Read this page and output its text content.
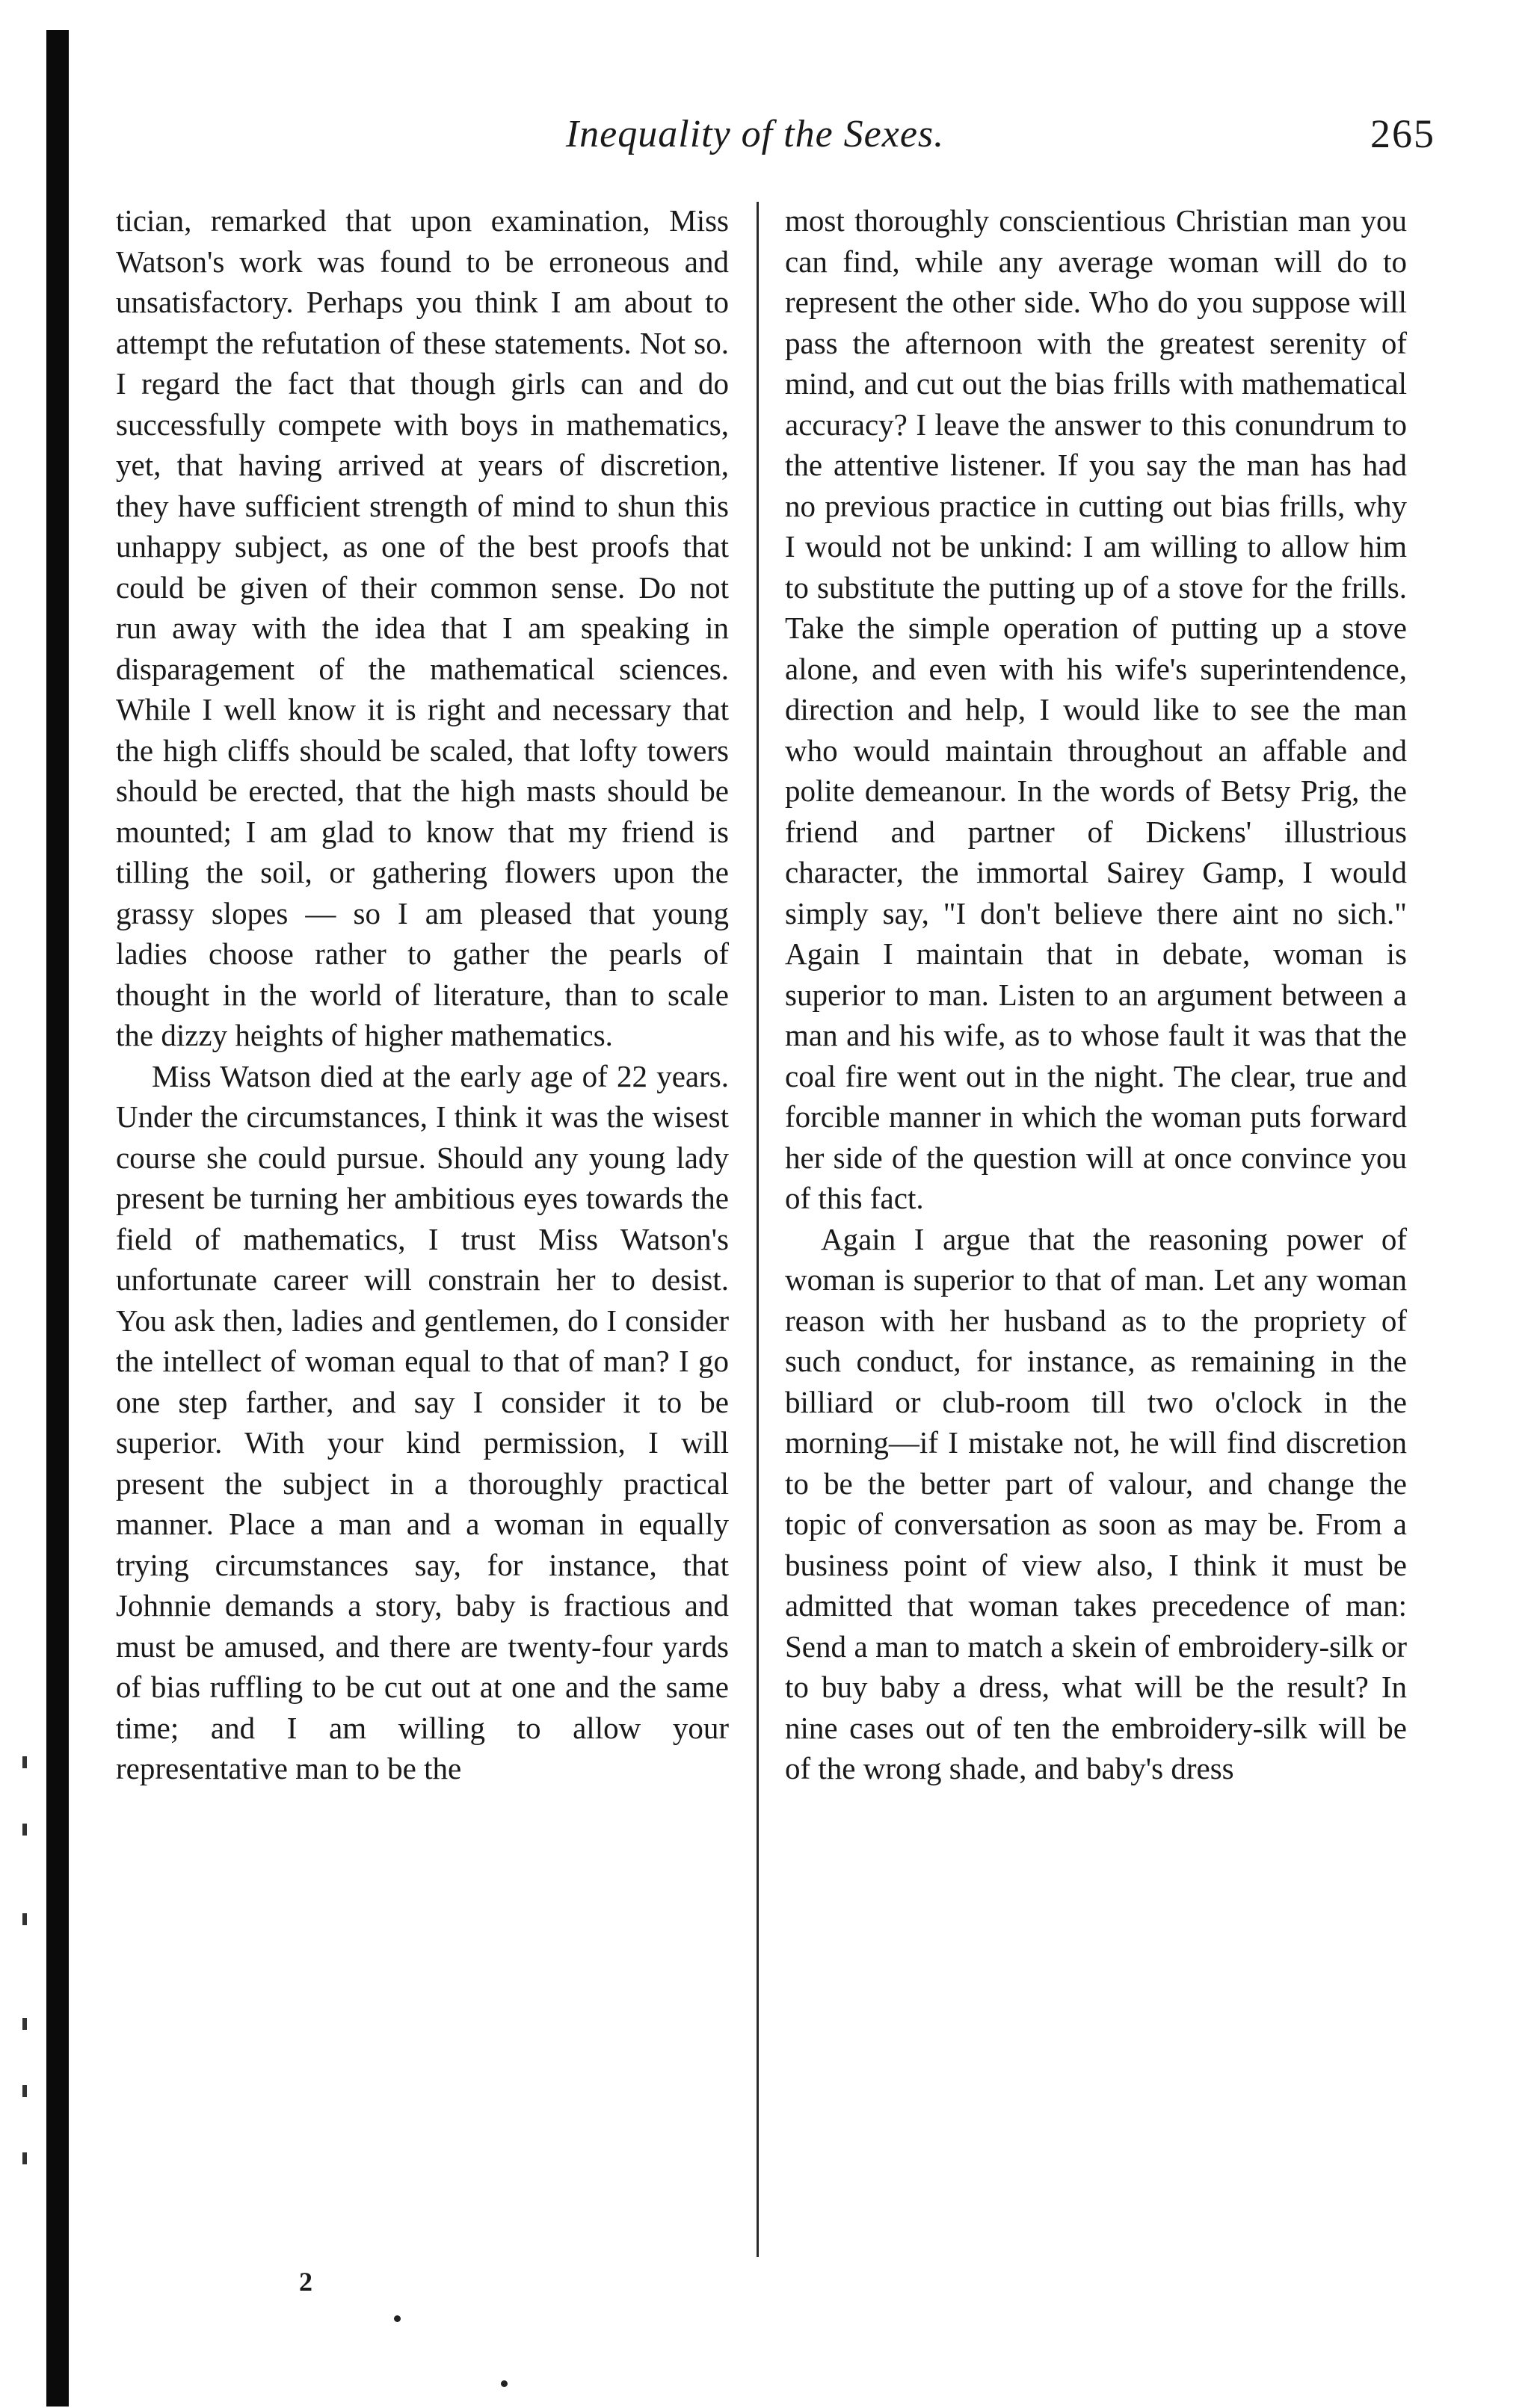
Inequality of the Sexes.	265

tician, remarked that upon examination, Miss Watson's work was found to be erroneous and unsatisfactory. Perhaps you think I am about to attempt the refutation of these statements. Not so. I regard the fact that though girls can and do successfully compete with boys in mathematics, yet, that having arrived at years of discretion, they have sufficient strength of mind to shun this unhappy subject, as one of the best proofs that could be given of their common sense. Do not run away with the idea that I am speaking in disparagement of the mathematical sciences. While I well know it is right and necessary that the high cliffs should be scaled, that lofty towers should be erected, that the high masts should be mounted; I am glad to know that my friend is tilling the soil, or gathering flowers upon the grassy slopes — so I am pleased that young ladies choose rather to gather the pearls of thought in the world of literature, than to scale the dizzy heights of higher mathematics.

Miss Watson died at the early age of 22 years. Under the circumstances, I think it was the wisest course she could pursue. Should any young lady present be turning her ambitious eyes towards the field of mathematics, I trust Miss Watson's unfortunate career will constrain her to desist. You ask then, ladies and gentlemen, do I consider the intellect of woman equal to that of man? I go one step farther, and say I consider it to be superior. With your kind permission, I will present the subject in a thoroughly practical manner. Place a man and a woman in equally trying circumstances say, for instance, that Johnnie demands a story, baby is fractious and must be amused, and there are twenty-four yards of bias ruffling to be cut out at one and the same time; and I am willing to allow your representative man to be the

most thoroughly conscientious Christian man you can find, while any average woman will do to represent the other side. Who do you suppose will pass the afternoon with the greatest serenity of mind, and cut out the bias frills with mathematical accuracy? I leave the answer to this conundrum to the attentive listener. If you say the man has had no previous practice in cutting out bias frills, why I would not be unkind: I am willing to allow him to substitute the putting up of a stove for the frills. Take the simple operation of putting up a stove alone, and even with his wife's superintendence, direction and help, I would like to see the man who would maintain throughout an affable and polite demeanour. In the words of Betsy Prig, the friend and partner of Dickens' illustrious character, the immortal Sairey Gamp, I would simply say, "I don't believe there aint no sich." Again I maintain that in debate, woman is superior to man. Listen to an argument between a man and his wife, as to whose fault it was that the coal fire went out in the night. The clear, true and forcible manner in which the woman puts forward her side of the question will at once convince you of this fact.

Again I argue that the reasoning power of woman is superior to that of man. Let any woman reason with her husband as to the propriety of such conduct, for instance, as remaining in the billiard or club-room till two o'clock in the morning—if I mistake not, he will find discretion to be the better part of valour, and change the topic of conversation as soon as may be. From a business point of view also, I think it must be admitted that woman takes precedence of man: Send a man to match a skein of embroidery-silk or to buy baby a dress, what will be the result? In nine cases out of ten the embroidery-silk will be of the wrong shade, and baby's dress

2
